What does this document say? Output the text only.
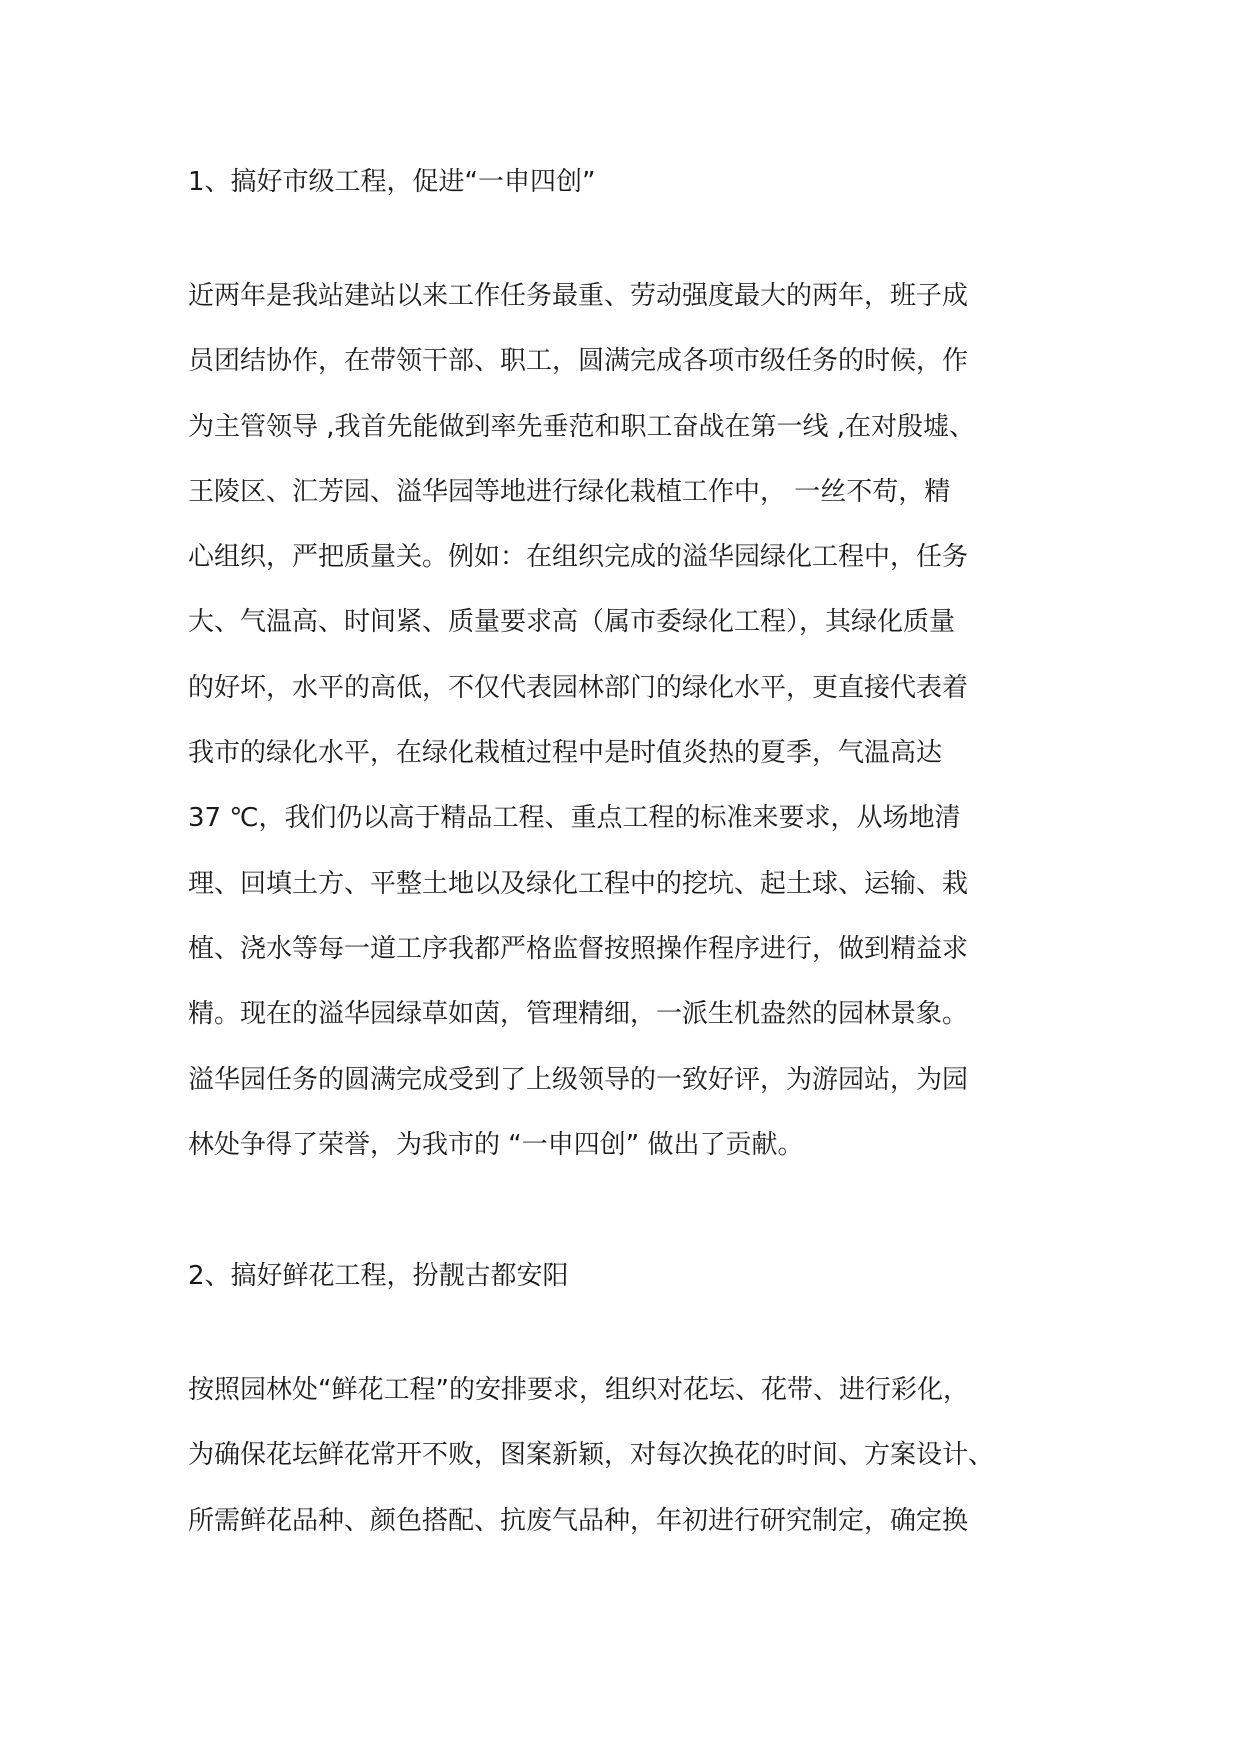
1、搞好市级工程，促进“一申四创”
近两年是我站建站以来工作任务最重、劳动强度最大的两年，班子成
员团结协作，在带领干部、职工，圆满完成各项市级任务的时候，作
为主管领导 ,我首先能做到率先垂范和职工奋战在第一线 ,在对殷墟、
王陵区、汇芳园、溢华园等地进行绿化栽植工作中， 一丝不苟，精
心组织，严把质量关。例如：在组织完成的溢华园绿化工程中，任务
大、气温高、时间紧、质量要求高（属市委绿化工程），其绿化质量
的好坏，水平的高低，不仅代表园林部门的绿化水平，更直接代表着
我市的绿化水平，在绿化栽植过程中是时值炎热的夏季，气温高达
37 ℃，我们仍以高于精品工程、重点工程的标准来要求，从场地清
理、回填土方、平整土地以及绿化工程中的挖坑、起土球、运输、栽
植、浇水等每一道工序我都严格监督按照操作程序进行，做到精益求
精。现在的溢华园绿草如茵，管理精细，一派生机盎然的园林景象。
溢华园任务的圆满完成受到了上级领导的一致好评，为游园站，为园
林处争得了荣誉，为我市的 “一申四创” 做出了贡献。
2、搞好鲜花工程，扮靓古都安阳
按照园林处“鲜花工程”的安排要求，组织对花坛、花带、进行彩化，
为确保花坛鲜花常开不败，图案新颖，对每次换花的时间、方案设计、
所需鲜花品种、颜色搭配、抗废气品种，年初进行研究制定，确定换
